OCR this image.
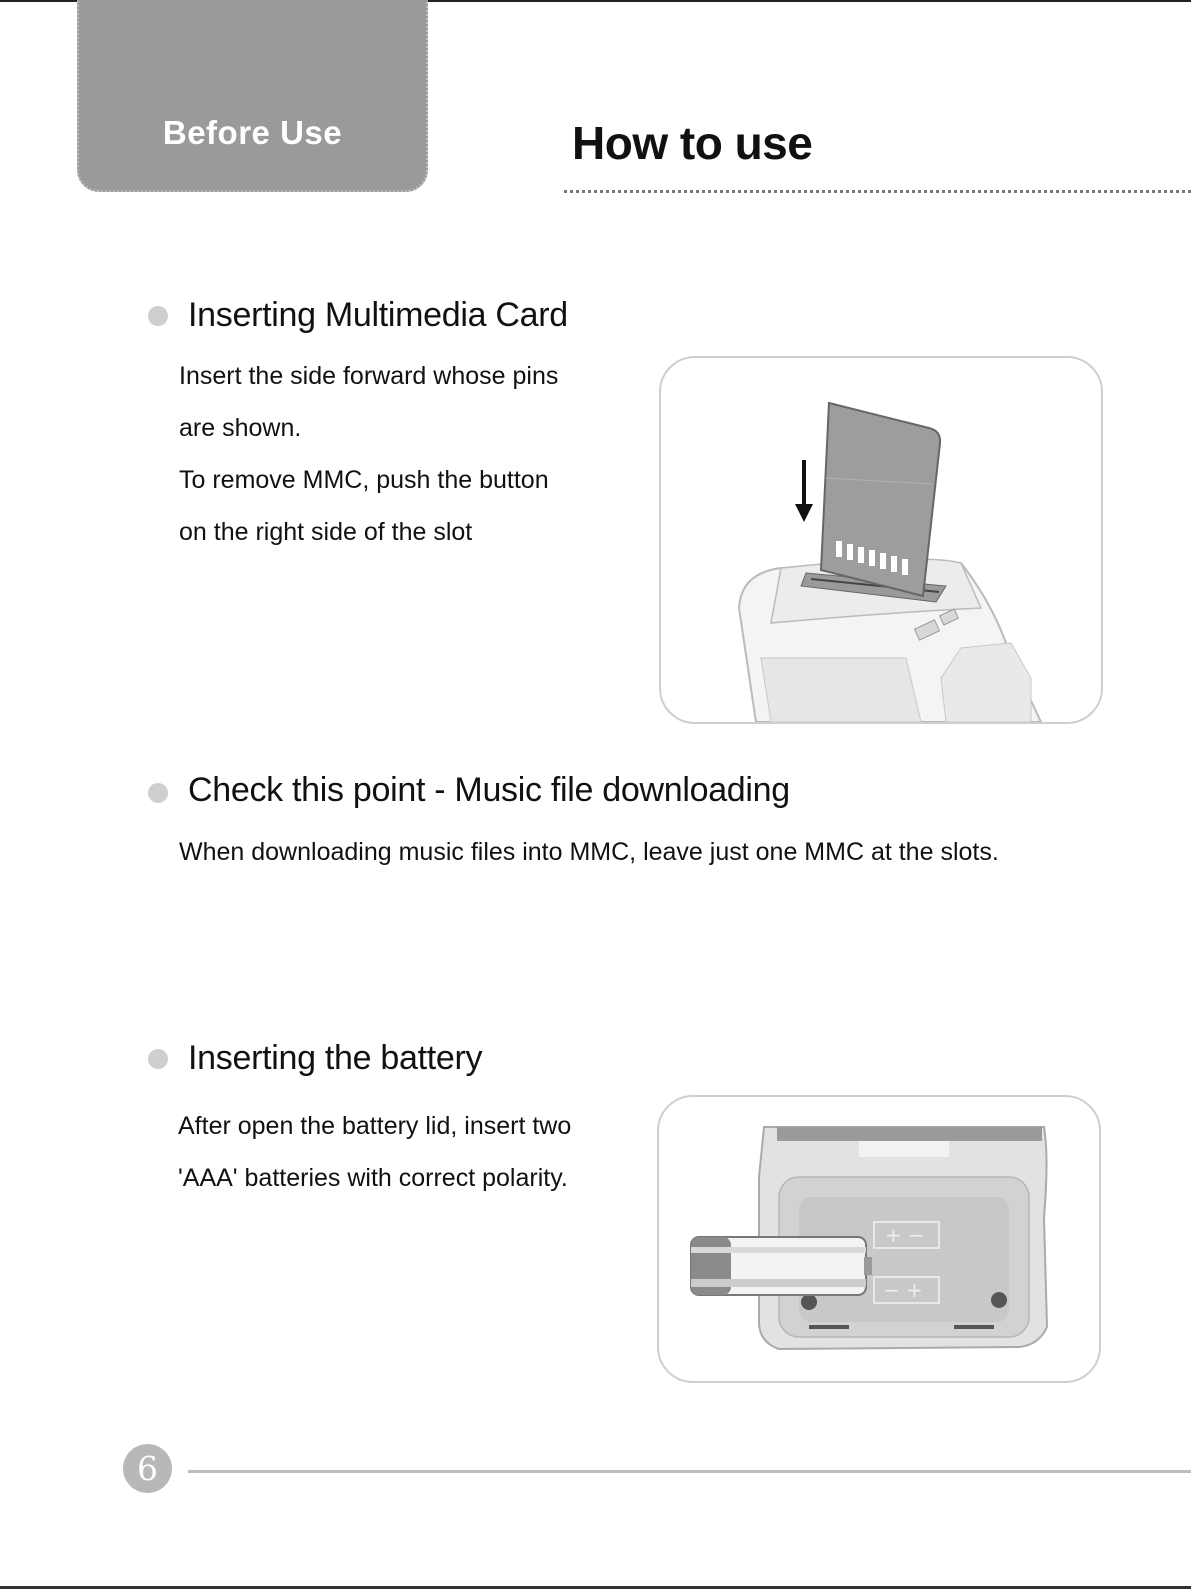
Before Use	How to use
Inserting Multimedia Card
Insert the side forward whose pins
are shown.
To remove MMC, push the button
on the right side of the slot
Check this point - Music file downloading
When downloading music files into MMC, leave just one MMC at the slots.
Inserting the battery
After open the battery lid, insert two
'AAA' batteries with correct polarity.
+ −
− +
6
